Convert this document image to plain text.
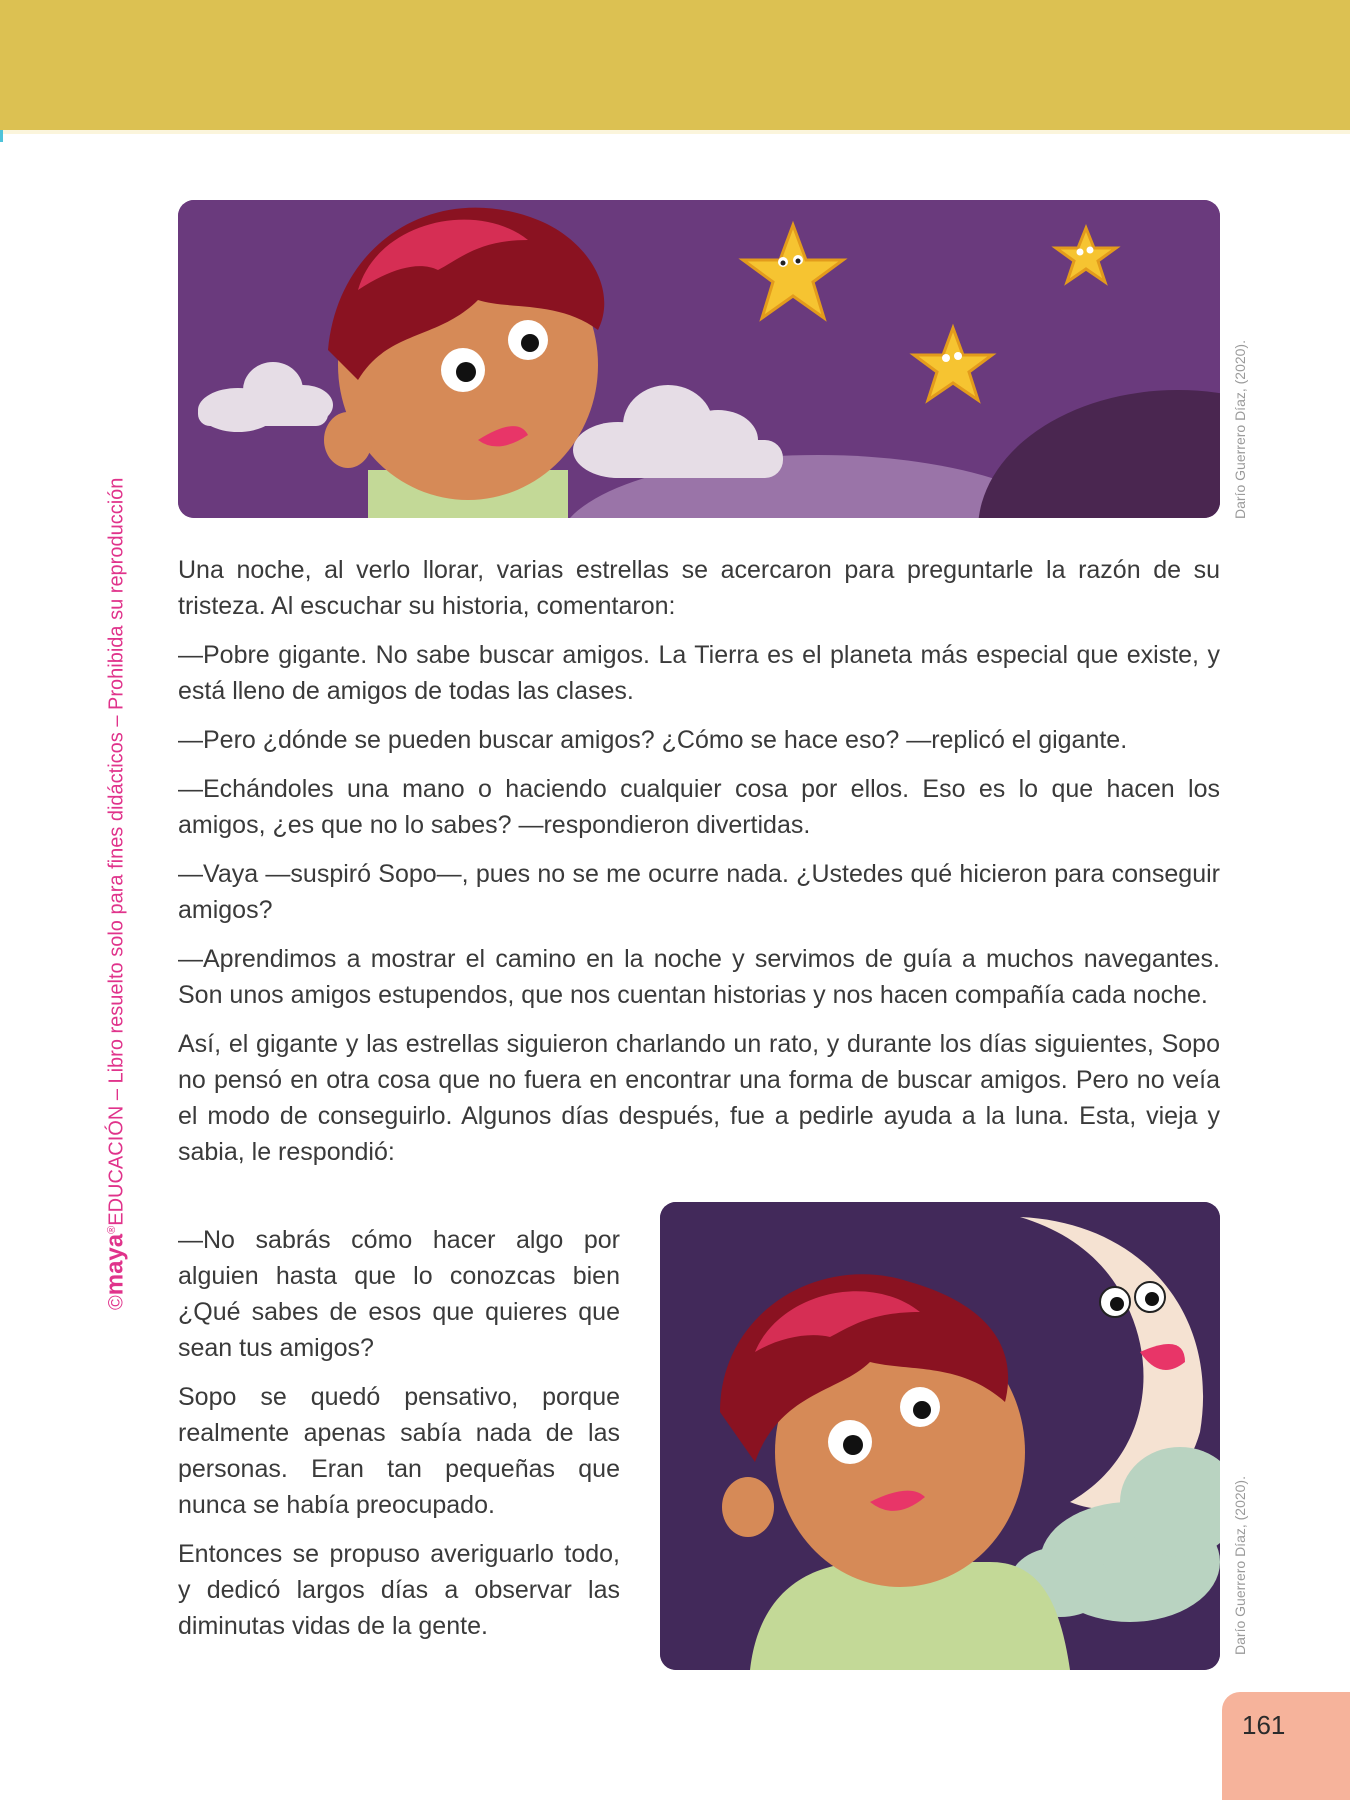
©maya®EDUCACIÓN – Libro resuelto solo para fines didácticos – Prohibida su reproducción
Darío Guerrero Díaz, (2020).

Una noche, al verlo llorar, varias estrellas se acercaron para preguntarle la razón de su tristeza. Al escuchar su historia, comentaron:

—Pobre gigante. No sabe buscar amigos. La Tierra es el planeta más especial que existe, y está lleno de amigos de todas las clases.

—Pero ¿dónde se pueden buscar amigos? ¿Cómo se hace eso? —replicó el gigante.

—Echándoles una mano o haciendo cualquier cosa por ellos. Eso es lo que hacen los amigos, ¿es que no lo sabes? —respondieron divertidas.

—Vaya —suspiró Sopo—, pues no se me ocurre nada. ¿Ustedes qué hicieron para conseguir amigos?

—Aprendimos a mostrar el camino en la noche y servimos de guía a muchos navegantes. Son unos amigos estupendos, que nos cuentan historias y nos hacen compañía cada noche.

Así, el gigante y las estrellas siguieron charlando un rato, y durante los días siguientes, Sopo no pensó en otra cosa que no fuera en encontrar una forma de buscar amigos. Pero no veía el modo de conseguirlo. Algunos días después, fue a pedirle ayuda a la luna. Esta, vieja y sabia, le respondió:

—No sabrás cómo hacer algo por alguien hasta que lo conozcas bien ¿Qué sabes de esos que quieres que sean tus amigos?

Sopo se quedó pensativo, porque realmente apenas sabía nada de las personas. Eran tan pequeñas que nunca se había preocupado.

Entonces se propuso averiguarlo todo, y dedicó largos días a observar las diminutas vidas de la gente.	Darío Guerrero Díaz, (2020).
161
